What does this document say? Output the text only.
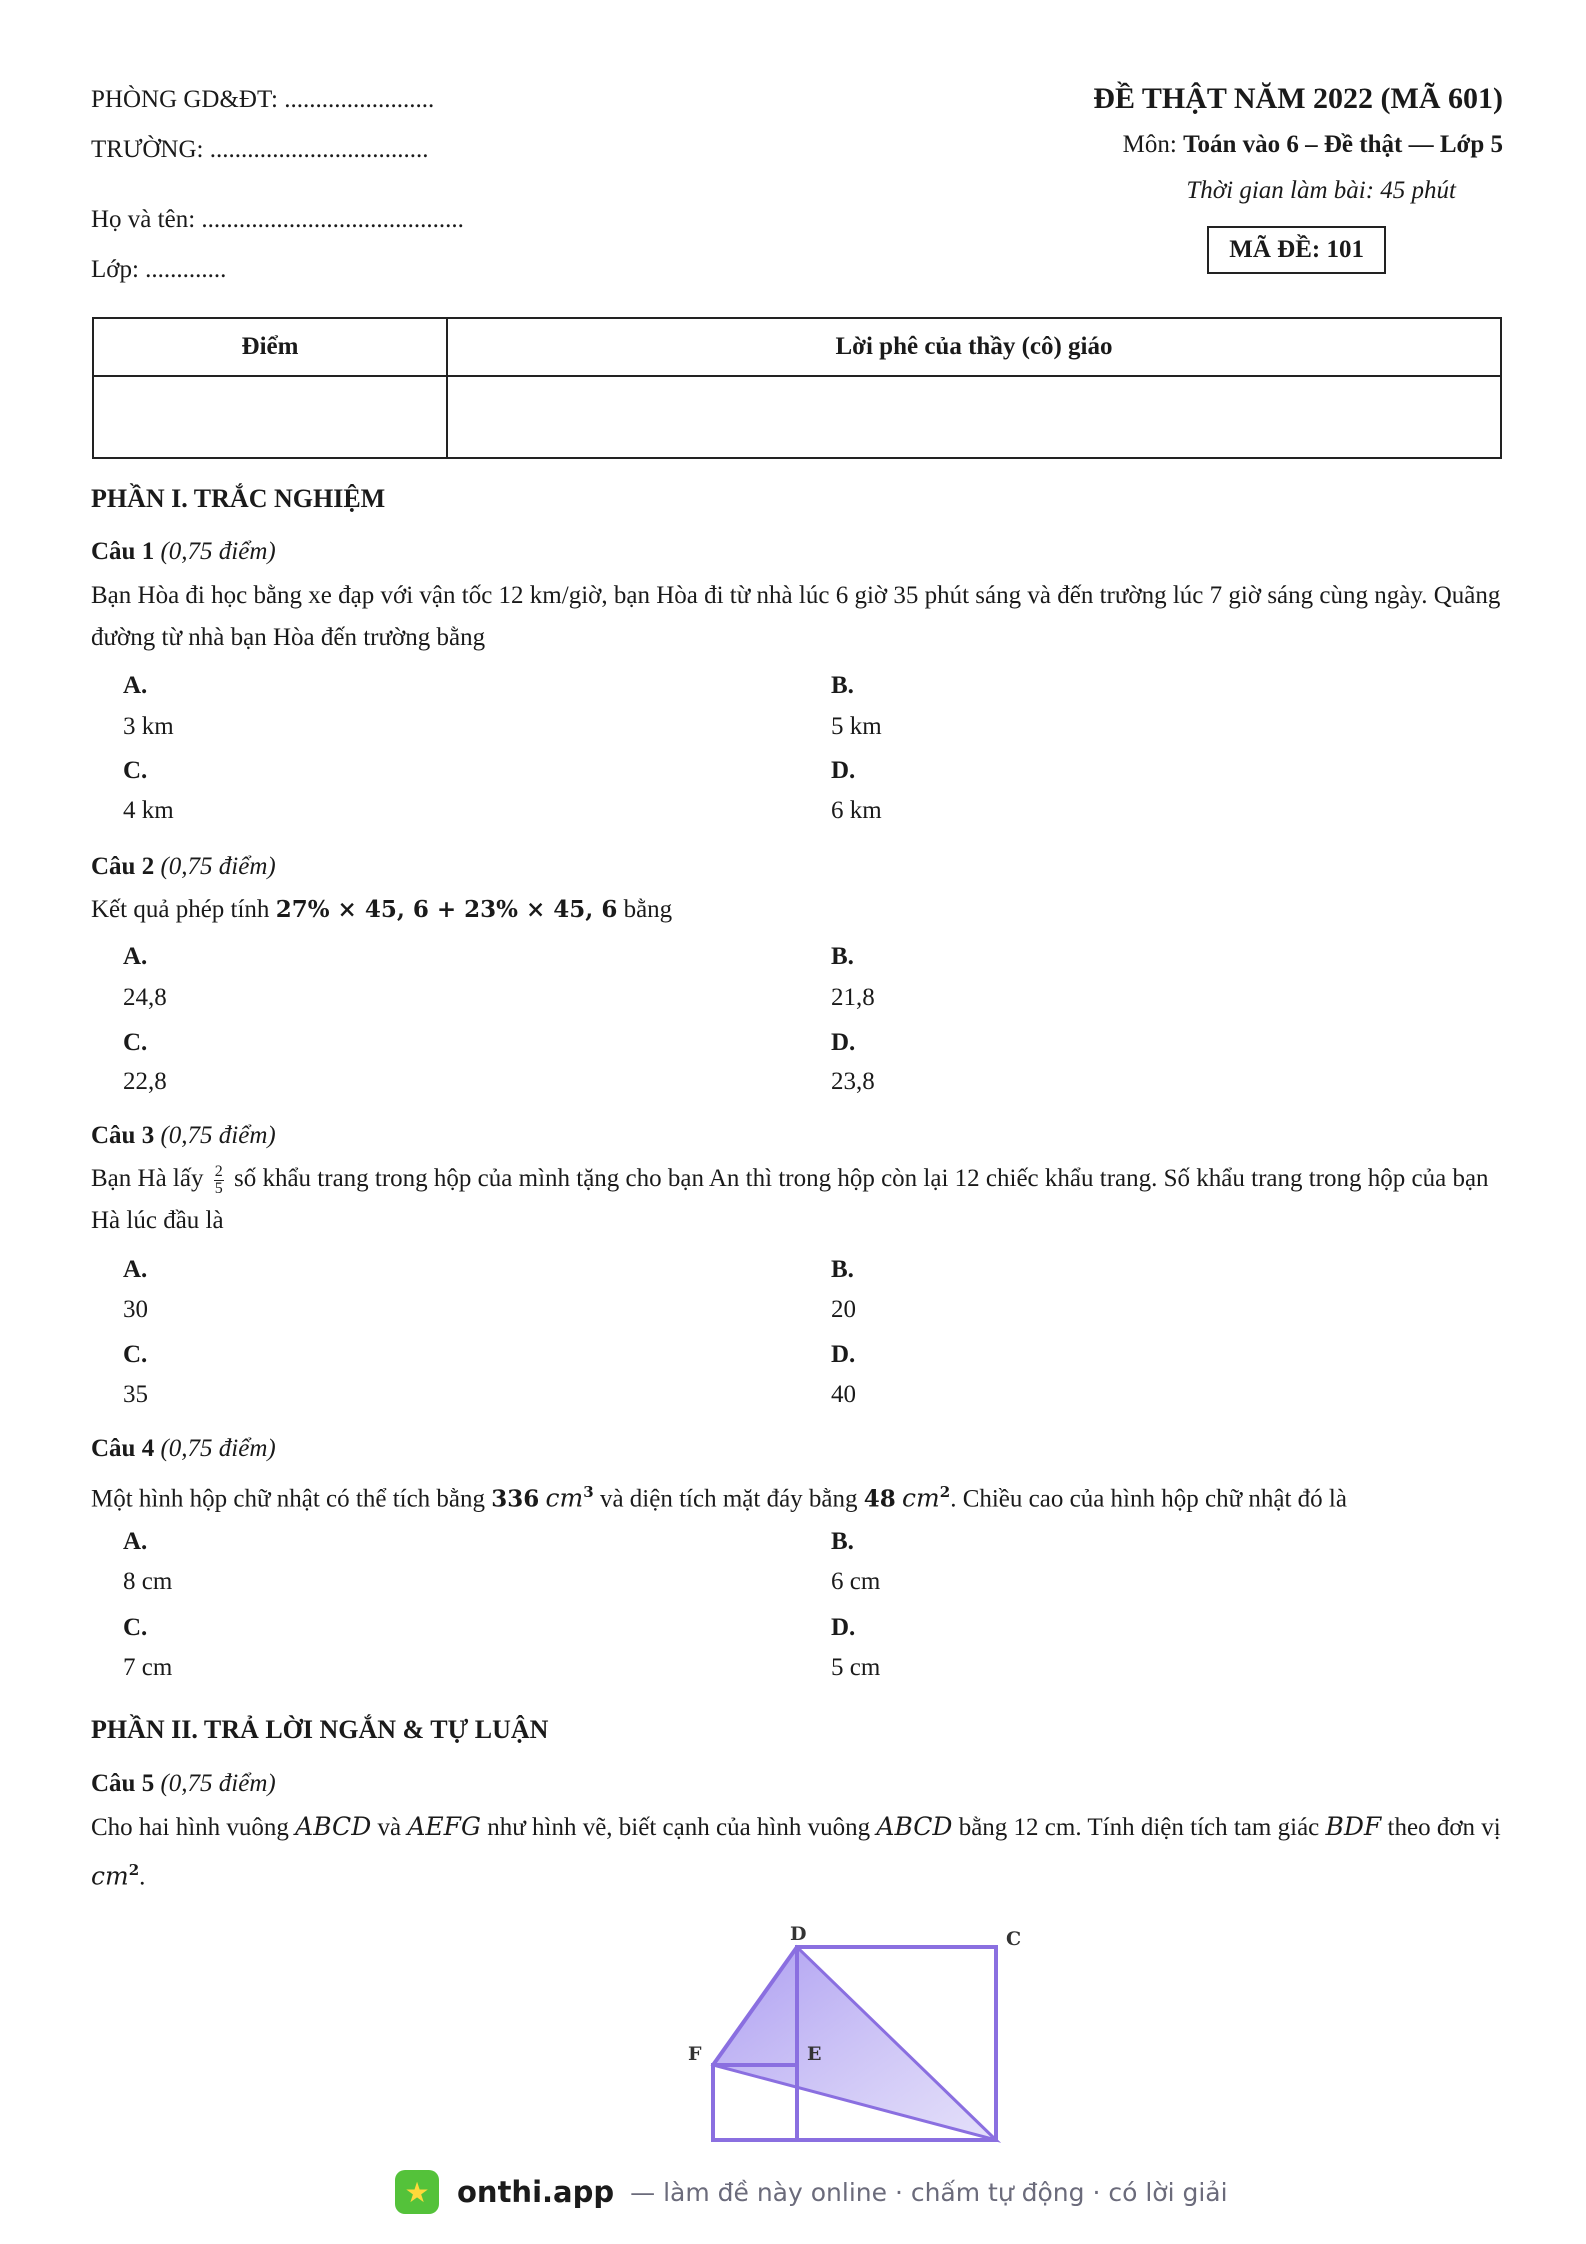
PHÒNG GD&ĐT: ........................
TRƯỜNG: ...................................
Họ và tên: ..........................................
Lớp: .............
ĐỀ THẬT NĂM 2022 (MÃ 601)
Môn: Toán vào 6 – Đề thật — Lớp 5
Thời gian làm bài: 45 phút
MÃ ĐỀ: 101
Điểm	Lời phê của thầy (cô) giáo

PHẦN I. TRẮC NGHIỆM
Câu 1 (0,75 điểm)
Bạn Hòa đi học bằng xe đạp với vận tốc 12 km/giờ, bạn Hòa đi từ nhà lúc 6 giờ 35 phút sáng và đến trường lúc 7 giờ sáng cùng ngày. Quãng đường từ nhà bạn Hòa đến trường bằng
A.
3 km
B.
5 km
C.
4 km
D.
6 km
Câu 2 (0,75 điểm)
Kết quả phép tính 27% × 45, 6 + 23% × 45, 6 bằng
A.
24,8
B.
21,8
C.
22,8
D.
23,8
Câu 3 (0,75 điểm)
Bạn Hà lấy $\frac{2}{5}$ số khẩu trang trong hộp của mình tặng cho bạn An thì trong hộp còn lại 12 chiếc khẩu trang. Số khẩu trang trong hộp của bạn Hà lúc đầu là
A.
30
B.
20
C.
35
D.
40
Câu 4 (0,75 điểm)
Một hình hộp chữ nhật có thể tích bằng 336 $cm^3$ và diện tích mặt đáy bằng 48 $cm^2$. Chiều cao của hình hộp chữ nhật đó là
A.
8 cm
B.
6 cm
C.
7 cm
D.
5 cm
PHẦN II. TRẢ LỜI NGẮN & TỰ LUẬN
Câu 5 (0,75 điểm)
Cho hai hình vuông ABCD và AEFG như hình vẽ, biết cạnh của hình vuông ABCD bằng 12 cm. Tính diện tích tam giác BDF theo đơn vị $cm^2$.
D	C
F	E
★ onthi.app — làm đề này online · chấm tự động · có lời giải
